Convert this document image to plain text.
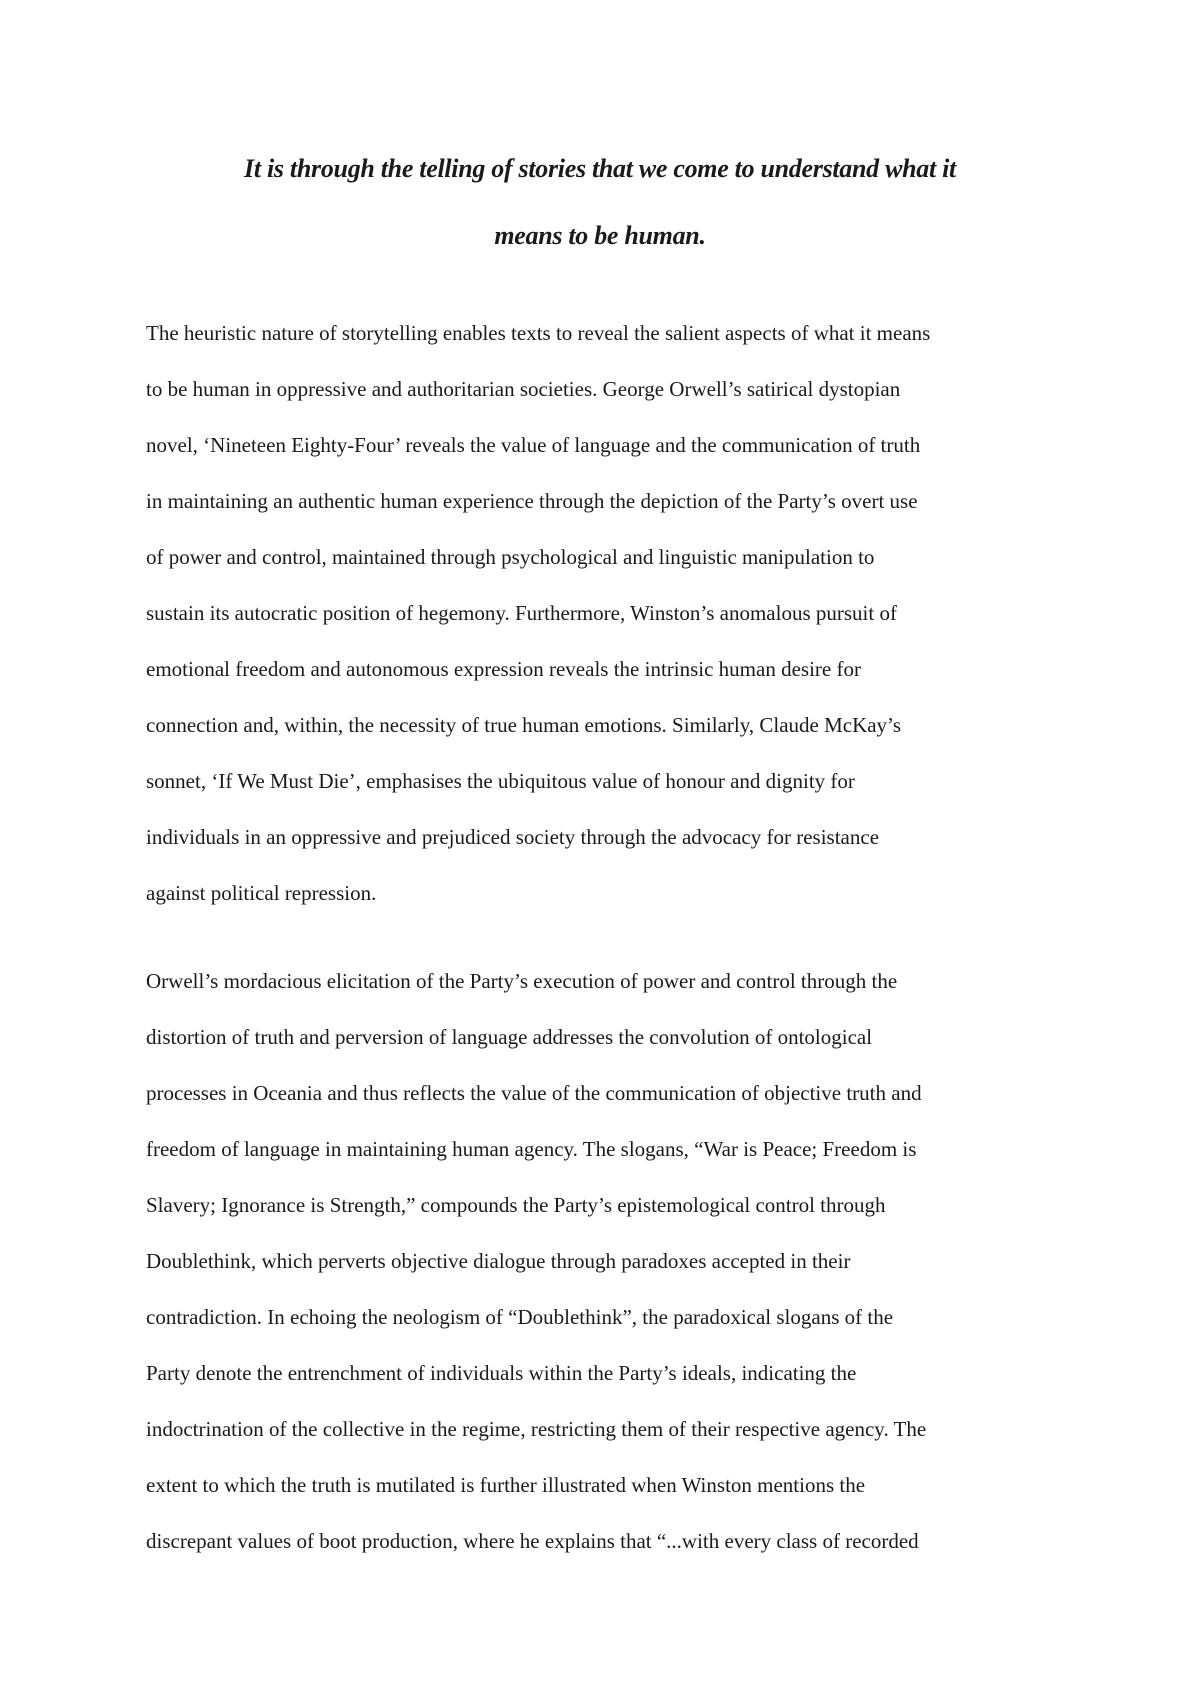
It is through the telling of stories that we come to understand what it
means to be human.

The heuristic nature of storytelling enables texts to reveal the salient aspects of what it means
to be human in oppressive and authoritarian societies. George Orwell’s satirical dystopian
novel, ‘Nineteen Eighty-Four’ reveals the value of language and the communication of truth
in maintaining an authentic human experience through the depiction of the Party’s overt use
of power and control, maintained through psychological and linguistic manipulation to
sustain its autocratic position of hegemony. Furthermore, Winston’s anomalous pursuit of
emotional freedom and autonomous expression reveals the intrinsic human desire for
connection and, within, the necessity of true human emotions. Similarly, Claude McKay’s
sonnet, ‘If We Must Die’, emphasises the ubiquitous value of honour and dignity for
individuals in an oppressive and prejudiced society through the advocacy for resistance
against political repression.

Orwell’s mordacious elicitation of the Party’s execution of power and control through the
distortion of truth and perversion of language addresses the convolution of ontological
processes in Oceania and thus reflects the value of the communication of objective truth and
freedom of language in maintaining human agency. The slogans, “War is Peace; Freedom is
Slavery; Ignorance is Strength,” compounds the Party’s epistemological control through
Doublethink, which perverts objective dialogue through paradoxes accepted in their
contradiction. In echoing the neologism of “Doublethink”, the paradoxical slogans of the
Party denote the entrenchment of individuals within the Party’s ideals, indicating the
indoctrination of the collective in the regime, restricting them of their respective agency. The
extent to which the truth is mutilated is further illustrated when Winston mentions the
discrepant values of boot production, where he explains that “...with every class of recorded
